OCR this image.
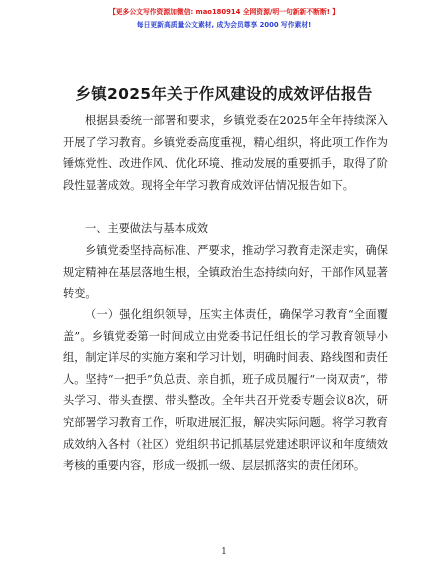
【更多公文写作资源加微信: mao180914 全网资源/明一句新新不断断! 】
每日更新高质量公文素材, 成为会员尊享 2000 写作素材!
乡镇2025年关于作风建设的成效评估报告

根据县委统一部署和要求，乡镇党委在2025年全年持续深入开展了学习教育。乡镇党委高度重视，精心组织，将此项工作作为锤炼党性、改进作风、优化环境、推动发展的重要抓手，取得了阶段性显著成效。现将全年学习教育成效评估情况报告如下。

一、主要做法与基本成效

乡镇党委坚持高标准、严要求，推动学习教育走深走实，确保规定精神在基层落地生根，全镇政治生态持续向好，干部作风显著转变。

（一）强化组织领导，压实主体责任，确保学习教育“全面覆盖”。乡镇党委第一时间成立由党委书记任组长的学习教育领导小组，制定详尽的实施方案和学习计划，明确时间表、路线图和责任人。坚持“一把手”负总责、亲自抓，班子成员履行“一岗双责”，带头学习、带头查摆、带头整改。全年共召开党委专题会议8次，研究部署学习教育工作，听取进展汇报，解决实际问题。将学习教育成效纳入各村（社区）党组织书记抓基层党建述职评议和年度绩效考核的重要内容，形成一级抓一级、层层抓落实的责任闭环。

1
